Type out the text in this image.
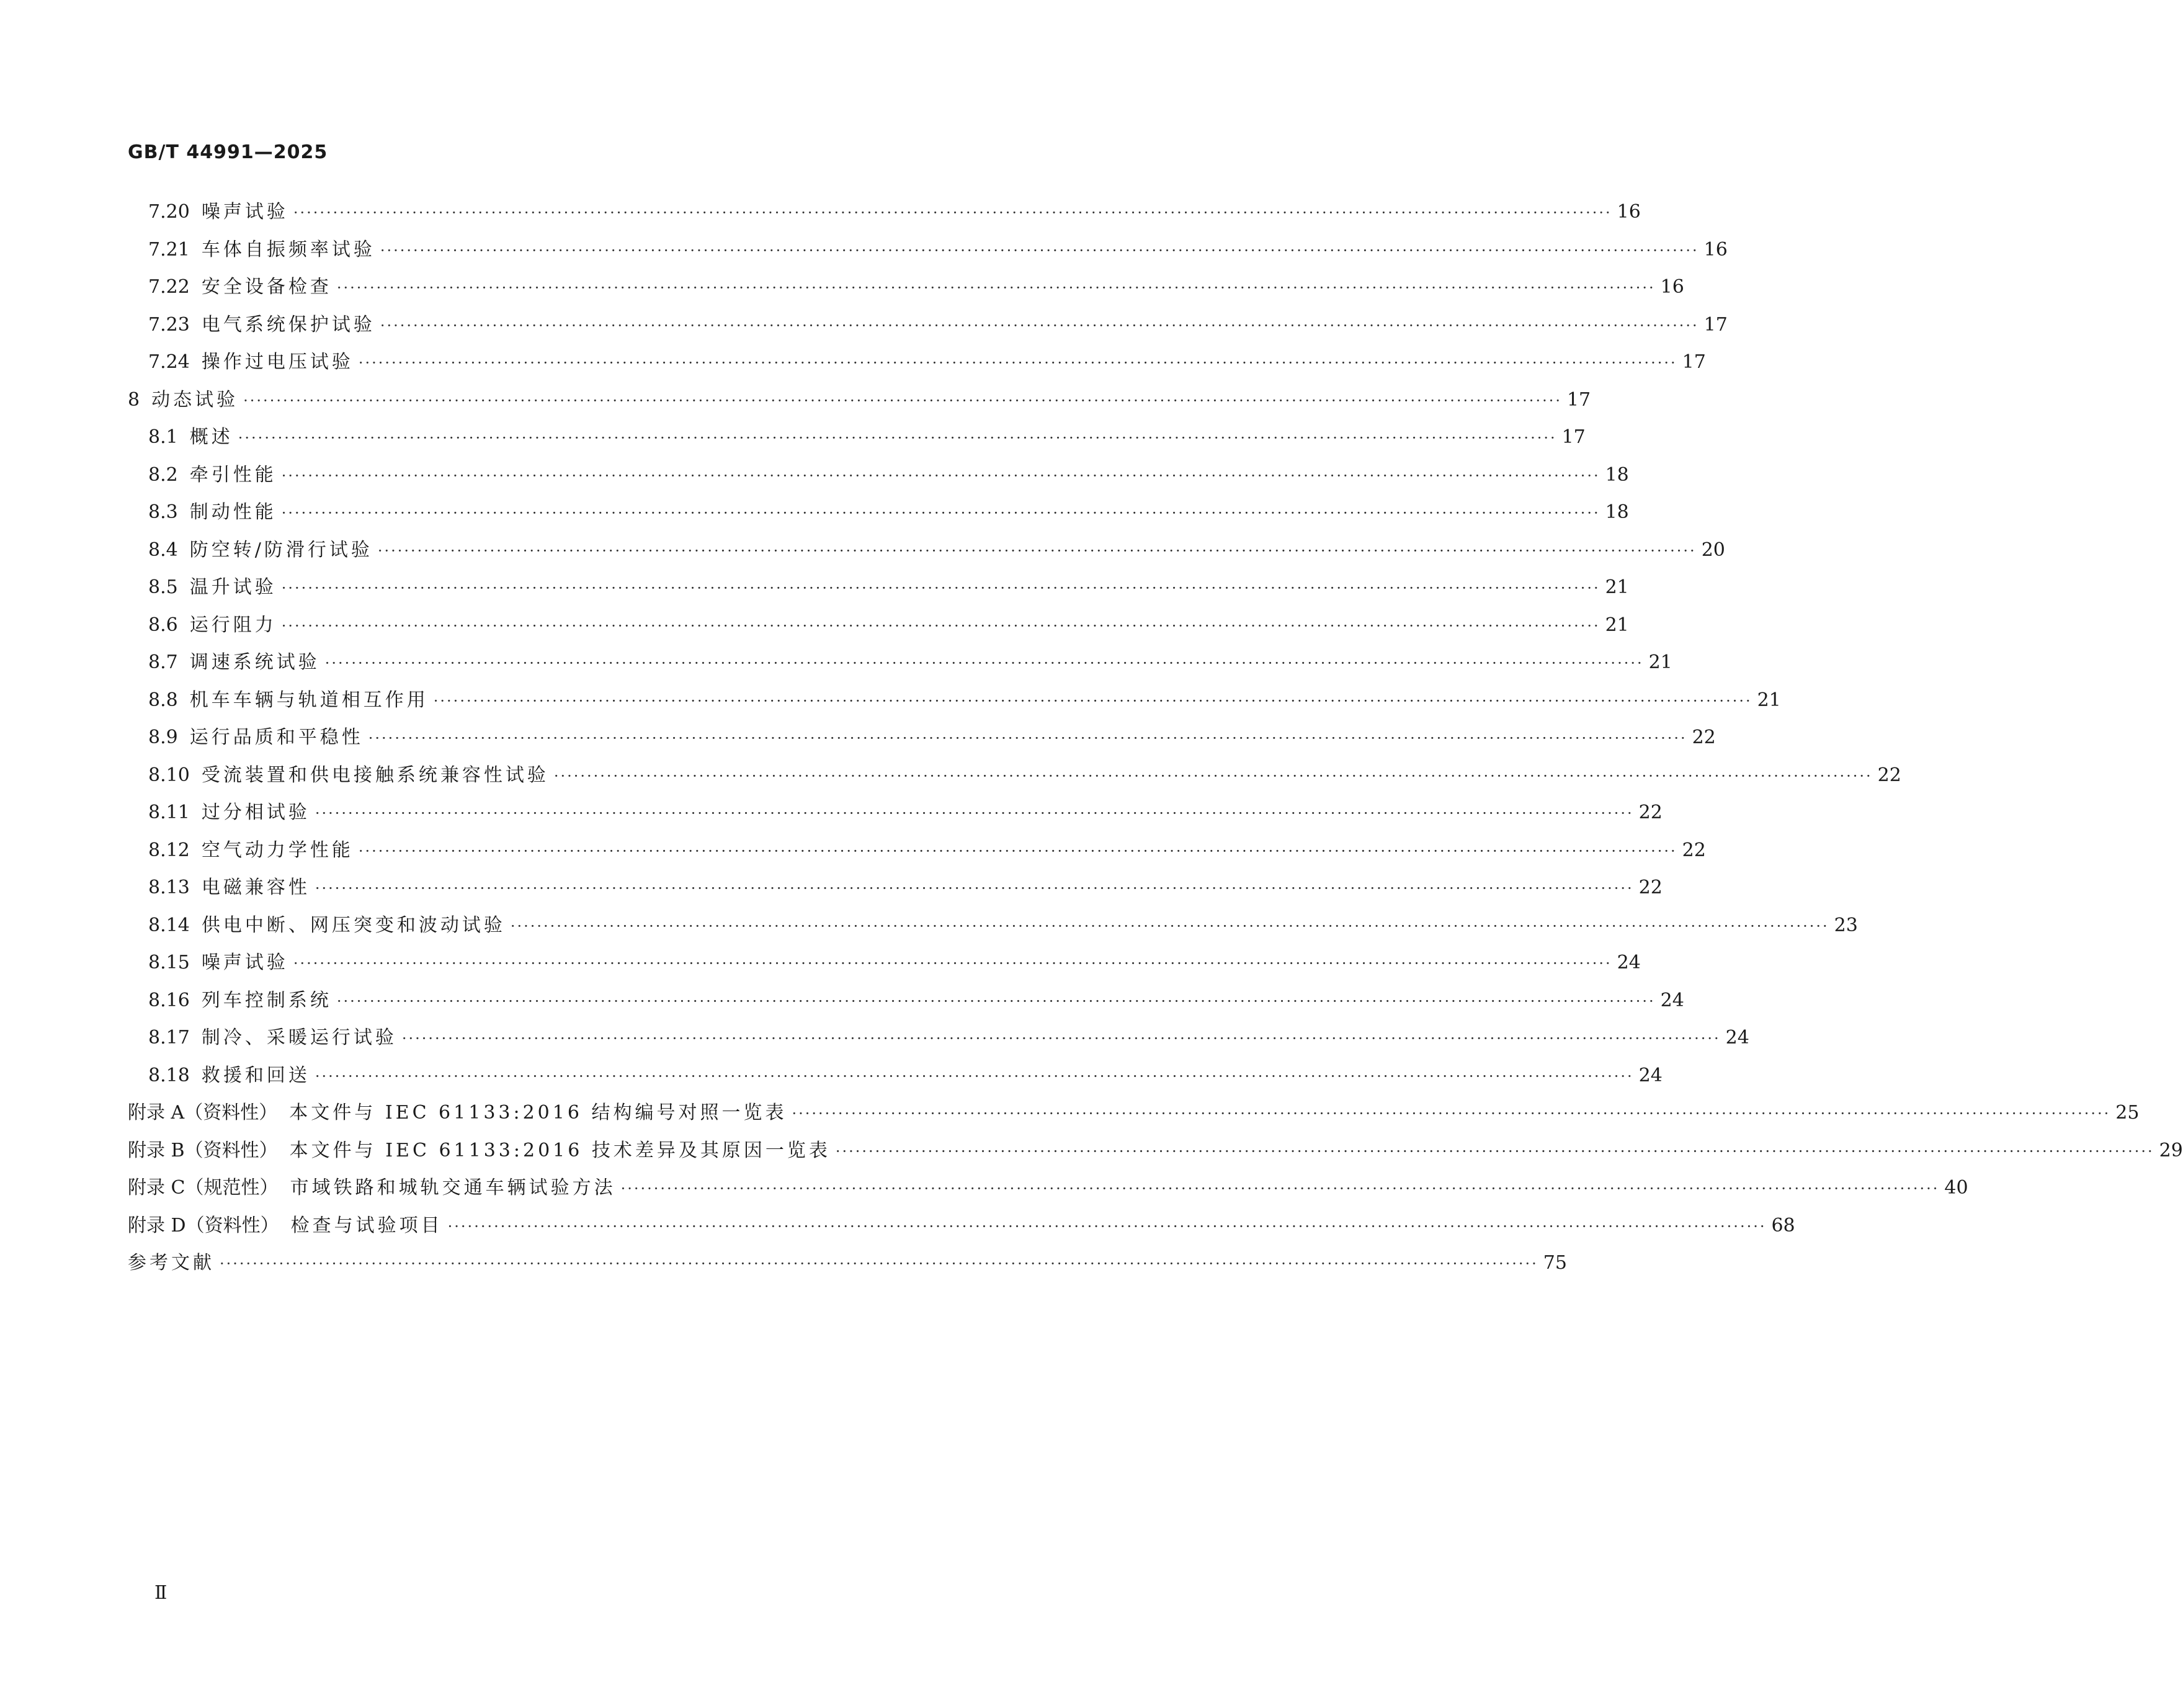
GB/T 44991—2025
7.20
噪声试验 ········································································································································································································ 16
7.21
车体自振频率试验 ········································································································································································································ 16
7.22
安全设备检查 ········································································································································································································ 16
7.23
电气系统保护试验 ········································································································································································································ 17
7.24
操作过电压试验 ········································································································································································································ 17
8
动态试验 ········································································································································································································ 17
8.1
概述 ········································································································································································································ 17
8.2
牵引性能 ········································································································································································································ 18
8.3
制动性能 ········································································································································································································ 18
8.4
防空转/防滑行试验 ········································································································································································································ 20
8.5
温升试验 ········································································································································································································ 21
8.6
运行阻力 ········································································································································································································ 21
8.7
调速系统试验 ········································································································································································································ 21
8.8
机车车辆与轨道相互作用 ········································································································································································································ 21
8.9
运行品质和平稳性 ········································································································································································································ 22
8.10
受流装置和供电接触系统兼容性试验 ········································································································································································································ 22
8.11
过分相试验 ········································································································································································································ 22
8.12
空气动力学性能 ········································································································································································································ 22
8.13
电磁兼容性 ········································································································································································································ 22
8.14
供电中断、网压突变和波动试验 ········································································································································································································ 23
8.15
噪声试验 ········································································································································································································ 24
8.16
列车控制系统 ········································································································································································································ 24
8.17
制冷、采暖运行试验 ········································································································································································································ 24
8.18
救援和回送 ········································································································································································································ 24
附录 A（资料性）
本文件与 IEC 61133:2016 结构编号对照一览表 ········································································································································································································ 25
附录 B（资料性）
本文件与 IEC 61133:2016 技术差异及其原因一览表 ········································································································································································································ 29
附录 C（规范性）
市域铁路和城轨交通车辆试验方法 ········································································································································································································ 40
附录 D（资料性）
检查与试验项目 ········································································································································································································ 68
参考文献 ········································································································································································································ 75
Ⅱ
